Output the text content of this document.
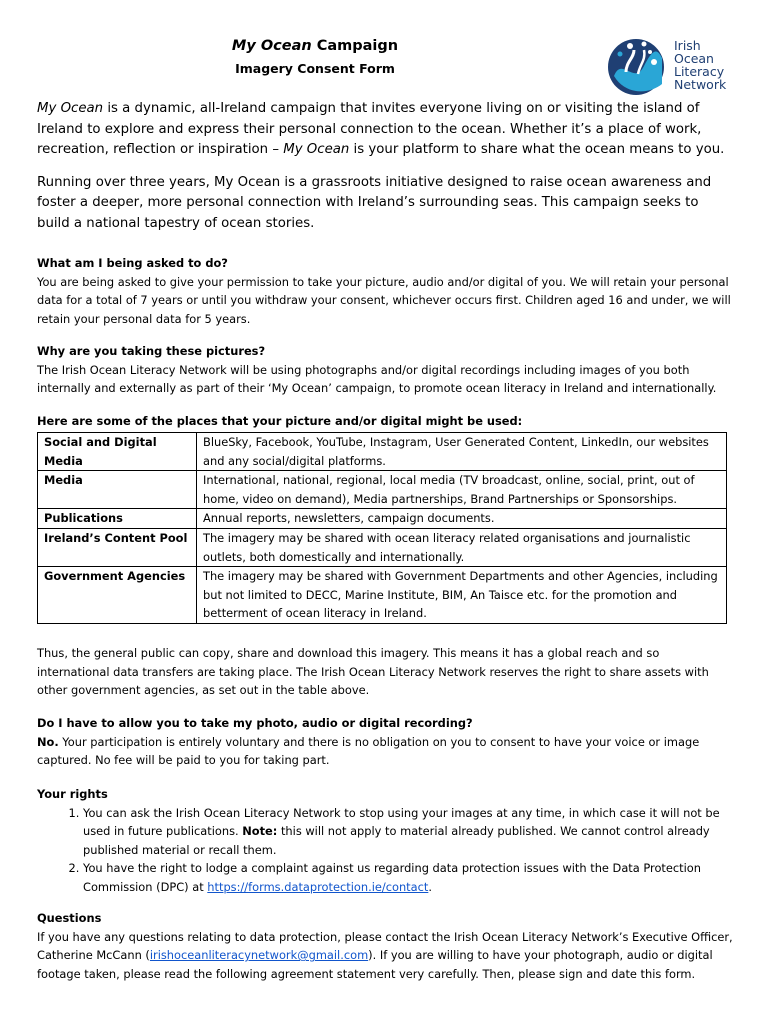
My Ocean Campaign
Imagery Consent Form
Irish
Ocean
Literacy
Network

My Ocean is a dynamic, all-Ireland campaign that invites everyone living on or visiting the island of Ireland to explore and express their personal connection to the ocean. Whether it’s a place of work, recreation, reflection or inspiration – My Ocean is your platform to share what the ocean means to you.

Running over three years, My Ocean is a grassroots initiative designed to raise ocean awareness and foster a deeper, more personal connection with Ireland’s surrounding seas. This campaign seeks to build a national tapestry of ocean stories.

What am I being asked to do?

You are being asked to give your permission to take your picture, audio and/or digital of you. We will retain your personal data for a total of 7 years or until you withdraw your consent, whichever occurs first. Children aged 16 and under, we will retain your personal data for 5 years.

Why are you taking these pictures?

The Irish Ocean Literacy Network will be using photographs and/or digital recordings including images of you both internally and externally as part of their ‘My Ocean’ campaign, to promote ocean literacy in Ireland and internationally.

Here are some of the places that your picture and/or digital might be used:

Social and Digital Media	BlueSky, Facebook, YouTube, Instagram, User Generated Content, LinkedIn, our websites and any social/digital platforms.
Media	International, national, regional, local media (TV broadcast, online, social, print, out of home, video on demand), Media partnerships, Brand Partnerships or Sponsorships.
Publications	Annual reports, newsletters, campaign documents.
Ireland’s Content Pool	The imagery may be shared with ocean literacy related organisations and journalistic outlets, both domestically and internationally.
Government Agencies	The imagery may be shared with Government Departments and other Agencies, including but not limited to DECC, Marine Institute, BIM, An Taisce etc. for the promotion and betterment of ocean literacy in Ireland.

Thus, the general public can copy, share and download this imagery. This means it has a global reach and so international data transfers are taking place. The Irish Ocean Literacy Network reserves the right to share assets with other government agencies, as set out in the table above.

Do I have to allow you to take my photo, audio or digital recording?

No. Your participation is entirely voluntary and there is no obligation on you to consent to have your voice or image captured. No fee will be paid to you for taking part.

Your rights

1. You can ask the Irish Ocean Literacy Network to stop using your images at any time, in which case it will not be used in future publications. Note: this will not apply to material already published. We cannot control already published material or recall them.
2. You have the right to lodge a complaint against us regarding data protection issues with the Data Protection Commission (DPC) at https://forms.dataprotection.ie/contact.

Questions

If you have any questions relating to data protection, please contact the Irish Ocean Literacy Network’s Executive Officer, Catherine McCann (irishoceanliteracynetwork@gmail.com). If you are willing to have your photograph, audio or digital footage taken, please read the following agreement statement very carefully. Then, please sign and date this form.
